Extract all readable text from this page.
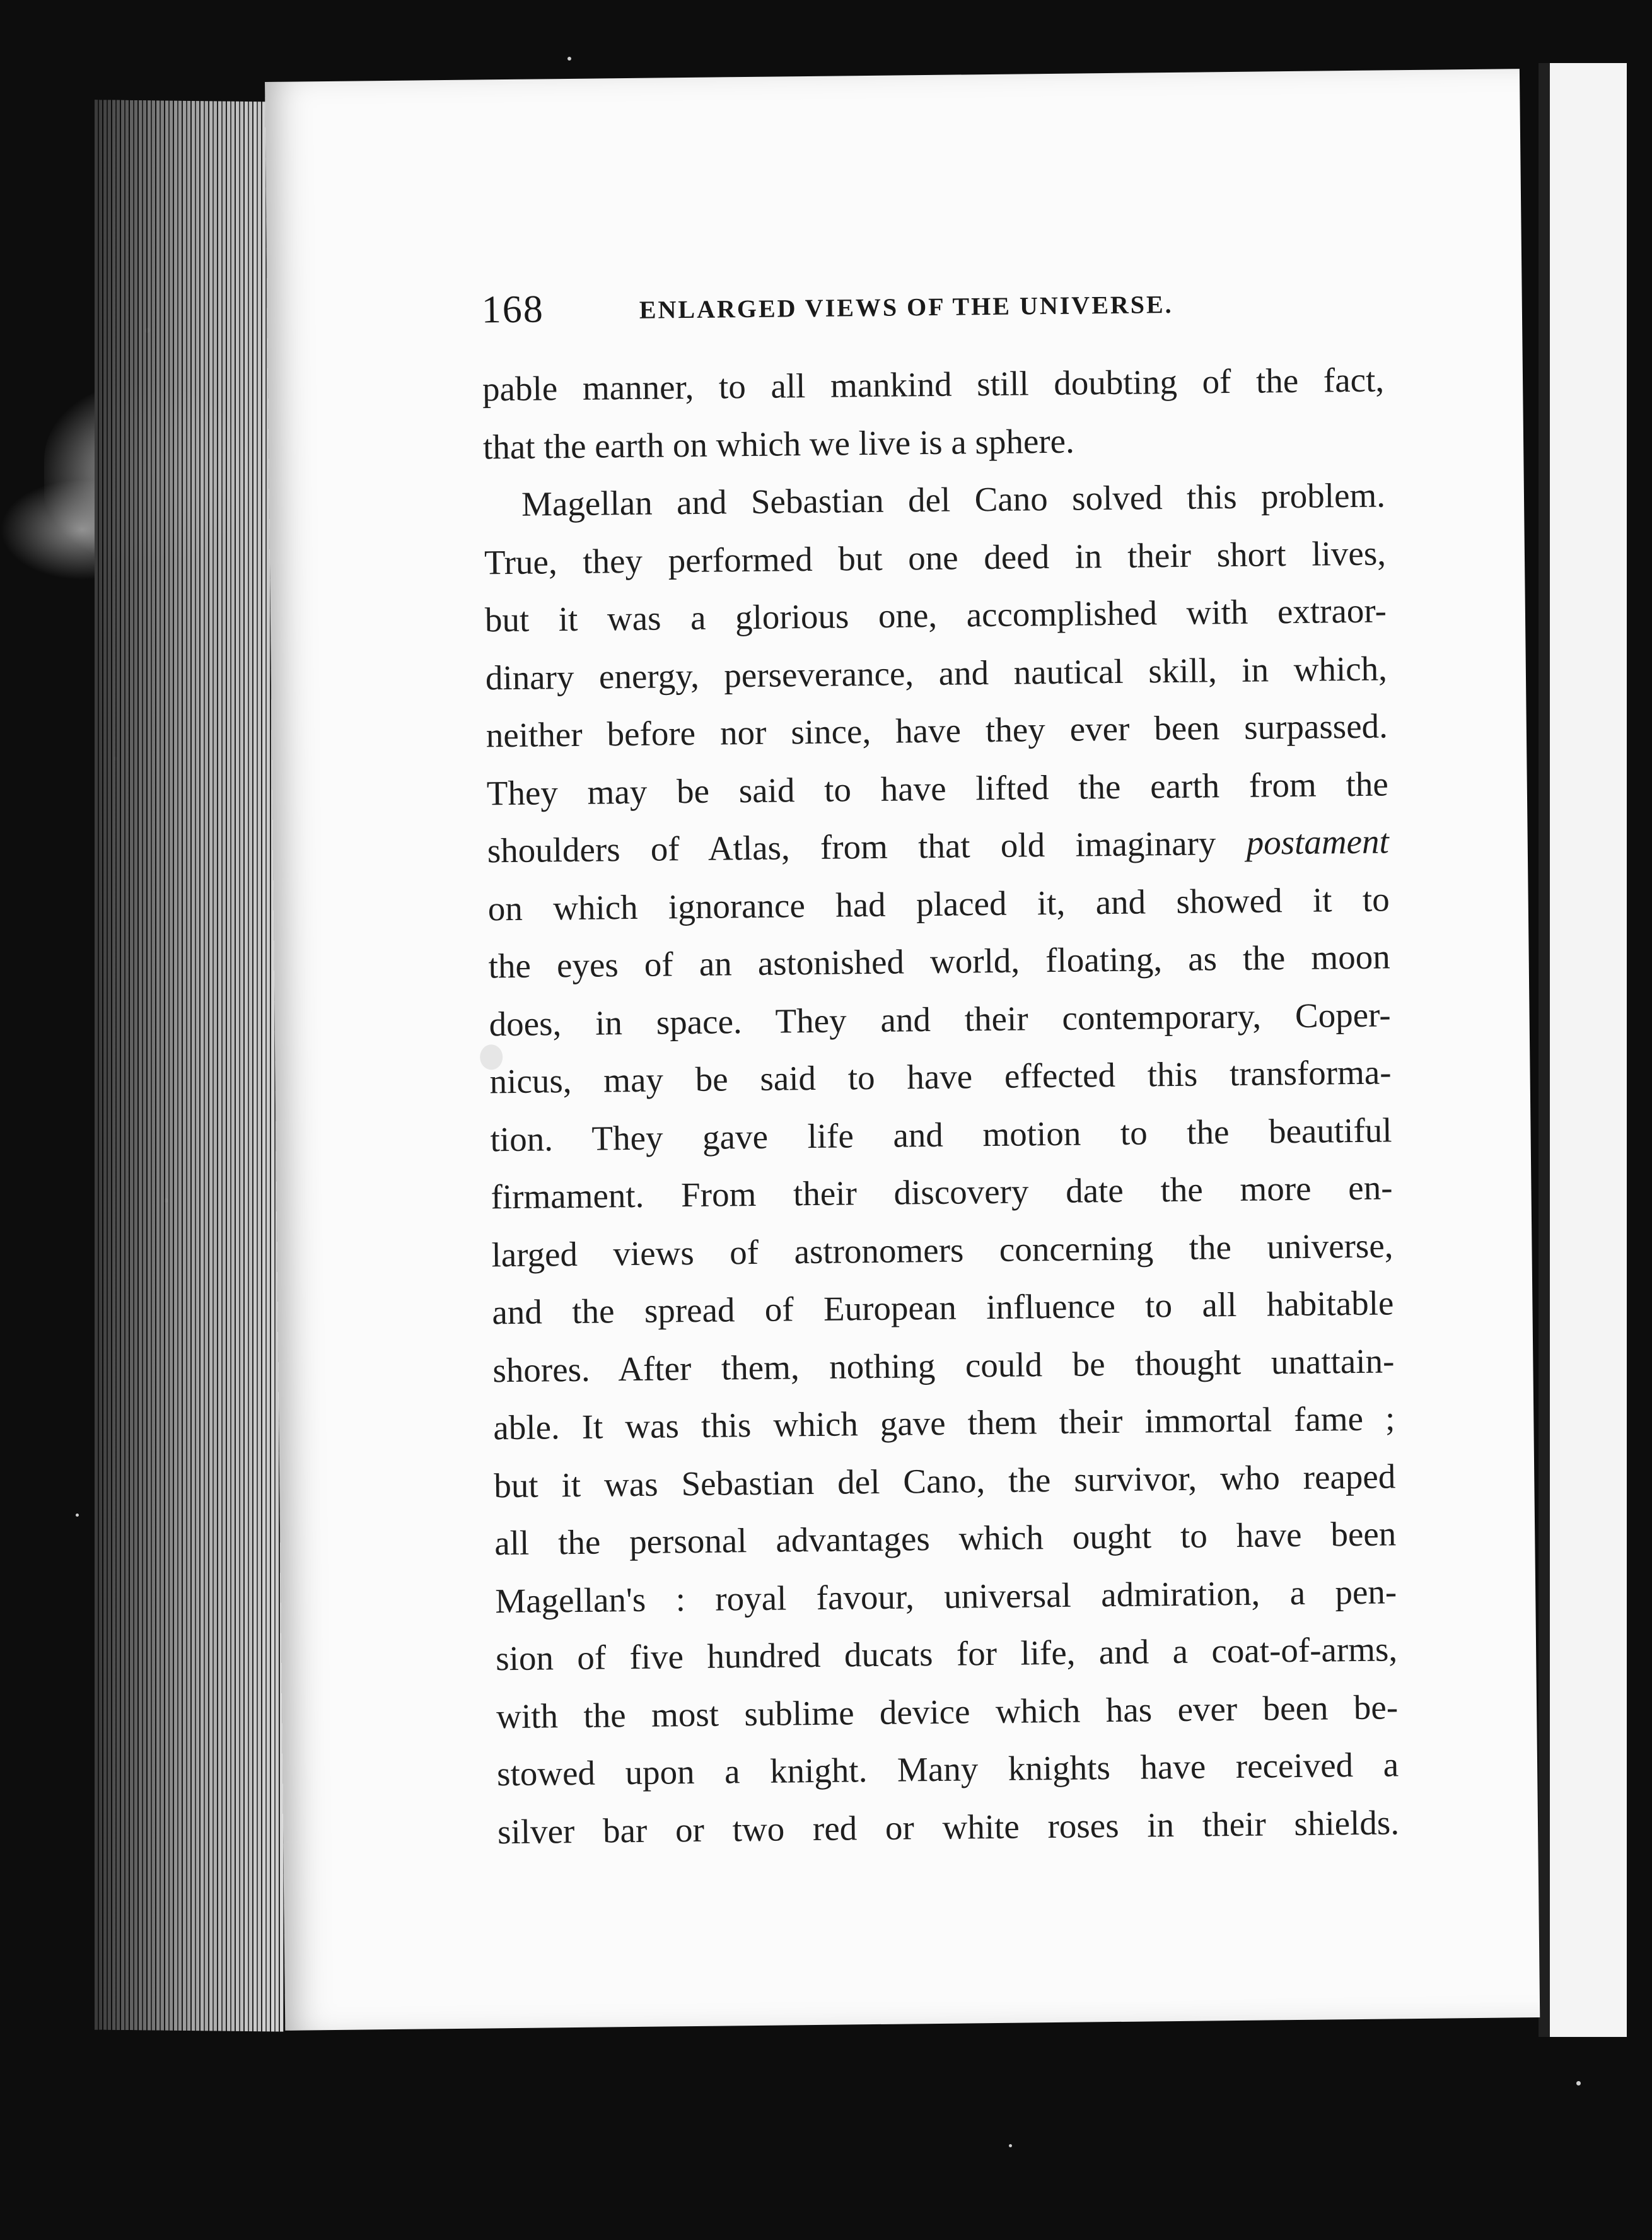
168	ENLARGED VIEWS OF THE UNIVERSE.
pable manner, to all mankind still doubting of the fact,
that the earth on which we live is a sphere.
Magellan and Sebastian del Cano solved this problem.
True, they performed but one deed in their short lives,
but it was a glorious one, accomplished with extraor-
dinary energy, perseverance, and nautical skill, in which,
neither before nor since, have they ever been surpassed.
They may be said to have lifted the earth from the
shoulders of Atlas, from that old imaginary postament
on which ignorance had placed it, and showed it to
the eyes of an astonished world, floating, as the moon
does, in space. They and their contemporary, Coper-
nicus, may be said to have effected this transforma-
tion. They gave life and motion to the beautiful
firmament. From their discovery date the more en-
larged views of astronomers concerning the universe,
and the spread of European influence to all habitable
shores. After them, nothing could be thought unattain-
able. It was this which gave them their immortal fame ;
but it was Sebastian del Cano, the survivor, who reaped
all the personal advantages which ought to have been
Magellan's : royal favour, universal admiration, a pen-
sion of five hundred ducats for life, and a coat-of-arms,
with the most sublime device which has ever been be-
stowed upon a knight. Many knights have received a
silver bar or two red or white roses in their shields.
